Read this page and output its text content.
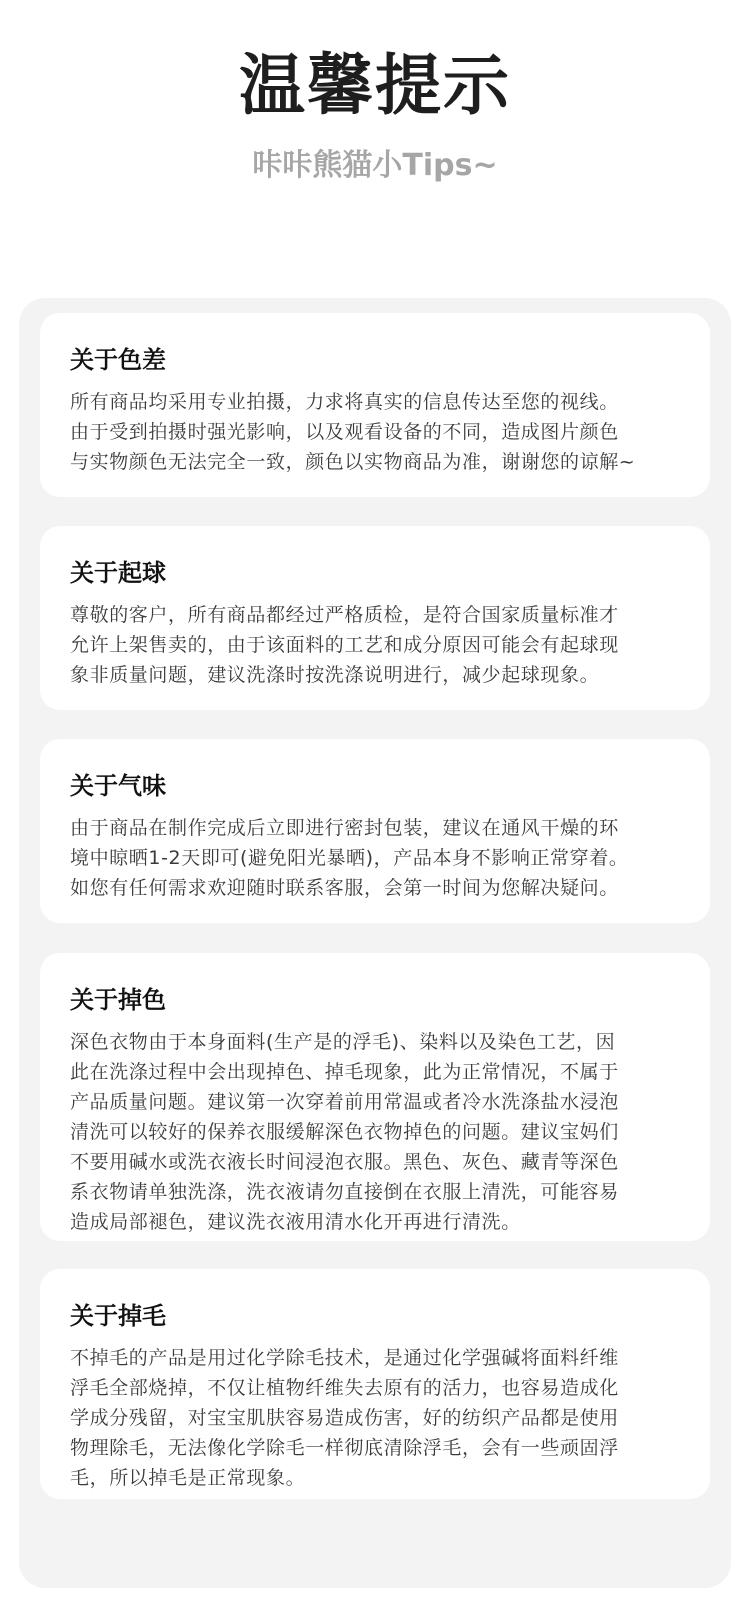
温馨提示
咔咔熊猫小Tips~
关于色差

所有商品均采用专业拍摄，力求将真实的信息传达至您的视线。
由于受到拍摄时强光影响，以及观看设备的不同，造成图片颜色
与实物颜色无法完全一致，颜色以实物商品为准，谢谢您的谅解~

关于起球

尊敬的客户，所有商品都经过严格质检，是符合国家质量标准才
允许上架售卖的，由于该面料的工艺和成分原因可能会有起球现
象非质量问题，建议洗涤时按洗涤说明进行，减少起球现象。

关于气味

由于商品在制作完成后立即进行密封包装，建议在通风干燥的环
境中晾晒1-2天即可(避免阳光暴晒)，产品本身不影响正常穿着。
如您有任何需求欢迎随时联系客服，会第一时间为您解决疑问。

关于掉色

深色衣物由于本身面料(生产是的浮毛)、染料以及染色工艺，因
此在洗涤过程中会出现掉色、掉毛现象，此为正常情况，不属于
产品质量问题。建议第一次穿着前用常温或者冷水洗涤盐水浸泡
清洗可以较好的保养衣服缓解深色衣物掉色的问题。建议宝妈们
不要用碱水或洗衣液长时间浸泡衣服。黑色、灰色、藏青等深色
系衣物请单独洗涤，洗衣液请勿直接倒在衣服上清洗，可能容易
造成局部褪色，建议洗衣液用清水化开再进行清洗。

关于掉毛

不掉毛的产品是用过化学除毛技术，是通过化学强碱将面料纤维
浮毛全部烧掉，不仅让植物纤维失去原有的活力，也容易造成化
学成分残留，对宝宝肌肤容易造成伤害，好的纺织产品都是使用
物理除毛，无法像化学除毛一样彻底清除浮毛，会有一些顽固浮
毛，所以掉毛是正常现象。
